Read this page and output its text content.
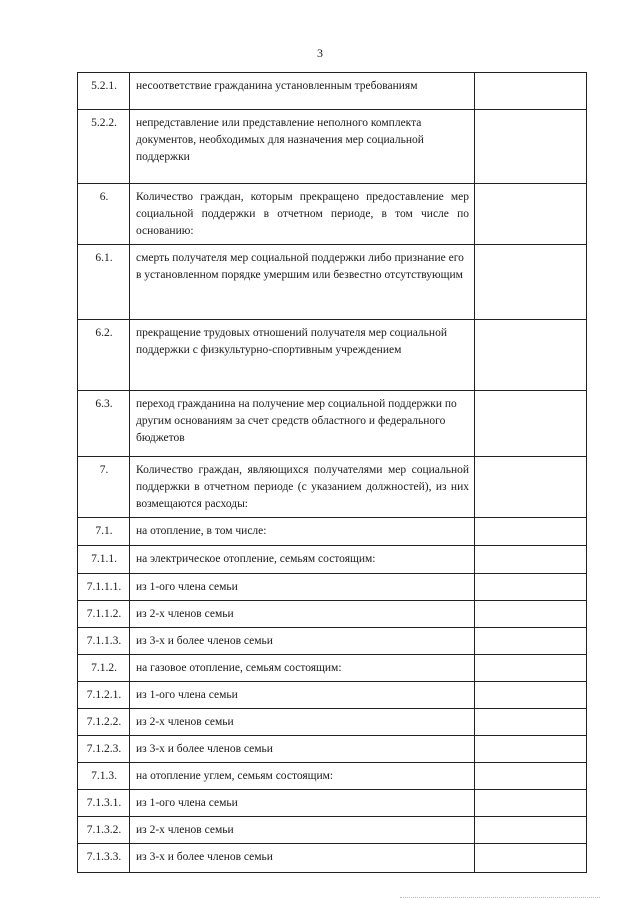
3
5.2.1.	несоответствие гражданина установленным требованиям	
5.2.2.	непредставление или представление неполного комплекта документов, необходимых для назначения мер социальной поддержки	
6.	Количество граждан, которым прекращено предоставление мер социальной поддержки в отчетном периоде, в том числе по основанию:	
6.1.	смерть получателя мер социальной поддержки либо признание его в установленном порядке умершим или безвестно отсутствующим	
6.2.	прекращение трудовых отношений получателя мер социальной поддержки с физкультурно-спортивным учреждением	
6.3.	переход гражданина на получение мер социальной поддержки по другим основаниям за счет средств областного и федерального бюджетов	
7.	Количество граждан, являющихся получателями мер социальной поддержки в отчетном периоде (с указанием должностей), из них возмещаются расходы:	
7.1.	на отопление, в том числе:	
7.1.1.	на электрическое отопление, семьям состоящим:	
7.1.1.1.	из 1-ого члена семьи	
7.1.1.2.	из 2-х членов семьи	
7.1.1.3.	из 3-х и более членов семьи	
7.1.2.	на газовое отопление, семьям состоящим:	
7.1.2.1.	из 1-ого члена семьи	
7.1.2.2.	из 2-х членов семьи	
7.1.2.3.	из 3-х и более членов семьи	
7.1.3.	на отопление углем, семьям состоящим:	
7.1.3.1.	из 1-ого члена семьи	
7.1.3.2.	из 2-х членов семьи	
7.1.3.3.	из 3-х и более членов семьи	
